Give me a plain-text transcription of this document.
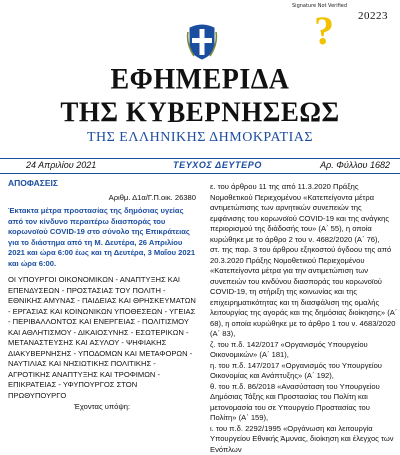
?
Signature Not Verified
20223
ΕΦΗΜΕΡΙΔΑ
ΤΗΣ ΚΥΒΕΡΝΗΣΕΩΣ
ΤΗΣ ΕΛΛΗΝΙΚΗΣ ΔΗΜΟΚΡΑΤΙΑΣ
24 Απριλίου 2021	ΤΕΥΧΟΣ ΔΕΥΤΕΡΟ	Αρ. Φύλλου 1682
ΑΠΟΦΑΣΕΙΣ
Αριθμ. Δ1α/Γ.Π.οικ. 26380
Έκτακτα μέτρα προστασίας της δημόσιας υγείας από τον κίνδυνο περαιτέρω διασποράς του κορωνοϊού COVID-19 στο σύνολο της Επικράτειας για το διάστημα από τη Μ. Δευτέρα, 26 Απριλίου 2021 και ώρα 6:00 έως και τη Δευτέρα, 3 Μαΐου 2021 και ώρα 6:00.
ΟΙ ΥΠΟΥΡΓΟΙ ΟΙΚΟΝΟΜΙΚΩΝ - ΑΝΑΠΤΥΞΗΣ ΚΑΙ ΕΠΕΝΔΥΣΕΩΝ - ΠΡΟΣΤΑΣΙΑΣ ΤΟΥ ΠΟΛΙΤΗ - ΕΘΝΙΚΗΣ ΑΜΥΝΑΣ - ΠΑΙΔΕΙΑΣ ΚΑΙ ΘΡΗΣΚΕΥΜΑΤΩΝ - ΕΡΓΑΣΙΑΣ ΚΑΙ ΚΟΙΝΩΝΙΚΩΝ ΥΠΟΘΕΣΕΩΝ - ΥΓΕΙΑΣ - ΠΕΡΙΒΑΛΛΟΝΤΟΣ ΚΑΙ ΕΝΕΡΓΕΙΑΣ - ΠΟΛΙΤΙΣΜΟΥ ΚΑΙ ΑΘΛΗΤΙΣΜΟΥ - ΔΙΚΑΙΟΣΥΝΗΣ - ΕΣΩΤΕΡΙΚΩΝ - ΜΕΤΑΝΑΣΤΕΥΣΗΣ ΚΑΙ ΑΣΥΛΟΥ - ΨΗΦΙΑΚΗΣ ΔΙΑΚΥΒΕΡΝΗΣΗΣ - ΥΠΟΔΟΜΩΝ ΚΑΙ ΜΕΤΑΦΟΡΩΝ - ΝΑΥΤΙΛΙΑΣ ΚΑΙ ΝΗΣΙΩΤΙΚΗΣ ΠΟΛΙΤΙΚΗΣ - ΑΓΡΟΤΙΚΗΣ ΑΝΑΠΤΥΞΗΣ ΚΑΙ ΤΡΟΦΙΜΩΝ - ΕΠΙΚΡΑΤΕΙΑΣ - ΥΦΥΠΟΥΡΓΟΣ ΣΤΟΝ ΠΡΩΘΥΠΟΥΡΓΟ
Έχοντας υπόψη:
ε. του άρθρου 11 της από 11.3.2020 Πράξης Νομοθετικού Περιεχομένου «Κατεπείγοντα μέτρα αντιμετώπισης των αρνητικών συνεπειών της εμφάνισης του κορωνοϊού COVID-19 και της ανάγκης περιορισμού της διάδοσής του» (Α΄ 55), η οποία κυρώθηκε με το άρθρο 2 του ν. 4682/2020 (Α΄ 76),
στ. της παρ. 3 του άρθρου εξηκοστού όγδοου της από 20.3.2020 Πράξης Νομοθετικού Περιεχομένου «Κατεπείγοντα μέτρα για την αντιμετώπιση των συνεπειών του κινδύνου διασποράς του κορωνοϊού COVID-19, τη στήριξη της κοινωνίας και της επιχειρηματικότητας και τη διασφάλιση της ομαλής λειτουργίας της αγοράς και της δημόσιας διοίκησης» (Α΄ 68), η οποία κυρώθηκε με το άρθρο 1 του ν. 4683/2020 (Α΄ 83),
ζ. του π.δ. 142/2017 «Οργανισμός Υπουργείου Οικονομικών» (Α΄ 181),
η. του π.δ. 147/2017 «Οργανισμός του Υπουργείου Οικονομίας και Ανάπτυξης» (Α΄ 192),
θ. του π.δ. 86/2018 «Ανασύσταση του Υπουργείου Δημόσιας Τάξης και Προστασίας του Πολίτη και μετονομασία του σε Υπουργείο Προστασίας του Πολίτη» (Α΄ 159),
ι. του π.δ. 2292/1995 «Οργάνωση και λειτουργία Υπουργείου Εθνικής Άμυνας, διοίκηση και έλεγχος των Ενόπλων
